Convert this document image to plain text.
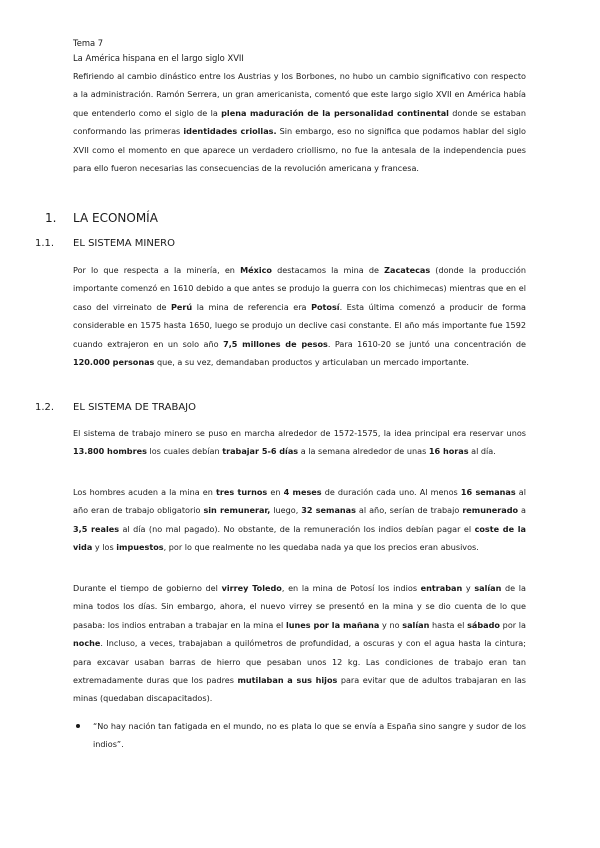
Tema 7
La América hispana en el largo siglo XVII
Refiriendo al cambio dinástico entre los Austrias y los Borbones, no hubo un cambio significativo con respecto a la administración. Ramón Serrera, un gran americanista, comentó que este largo siglo XVII en América había que entenderlo como el siglo de la plena maduración de la personalidad continental donde se estaban conformando las primeras identidades criollas. Sin embargo, eso no significa que podamos hablar del siglo XVII como el momento en que aparece un verdadero criollismo, no fue la antesala de la independencia pues para ello fueron necesarias las consecuencias de la revolución americana y francesa.
1. LA ECONOMÍA
1.1. EL SISTEMA MINERO
Por lo que respecta a la minería, en México destacamos la mina de Zacatecas (donde la producción importante comenzó en 1610 debido a que antes se produjo la guerra con los chichimecas) mientras que en el caso del virreinato de Perú la mina de referencia era Potosí. Esta última comenzó a producir de forma considerable en 1575 hasta 1650, luego se produjo un declive casi constante. El año más importante fue 1592 cuando extrajeron en un solo año 7,5 millones de pesos. Para 1610-20 se juntó una concentración de 120.000 personas que, a su vez, demandaban productos y articulaban un mercado importante.
1.2. EL SISTEMA DE TRABAJO
El sistema de trabajo minero se puso en marcha alrededor de 1572-1575, la idea principal era reservar unos 13.800 hombres los cuales debían trabajar 5-6 días a la semana alrededor de unas 16 horas al día.
Los hombres acuden a la mina en tres turnos en 4 meses de duración cada uno. Al menos 16 semanas al año eran de trabajo obligatorio sin remunerar, luego, 32 semanas al año, serían de trabajo remunerado a 3,5 reales al día (no mal pagado). No obstante, de la remuneración los indios debían pagar el coste de la vida y los impuestos, por lo que realmente no les quedaba nada ya que los precios eran abusivos.
Durante el tiempo de gobierno del virrey Toledo, en la mina de Potosí los indios entraban y salían de la mina todos los días. Sin embargo, ahora, el nuevo virrey se presentó en la mina y se dio cuenta de lo que pasaba: los indios entraban a trabajar en la mina el lunes por la mañana y no salían hasta el sábado por la noche. Incluso, a veces, trabajaban a quilómetros de profundidad, a oscuras y con el agua hasta la cintura; para excavar usaban barras de hierro que pesaban unos 12 kg. Las condiciones de trabajo eran tan extremadamente duras que los padres mutilaban a sus hijos para evitar que de adultos trabajaran en las minas (quedaban discapacitados).
“No hay nación tan fatigada en el mundo, no es plata lo que se envía a España sino sangre y sudor de los indios”.
